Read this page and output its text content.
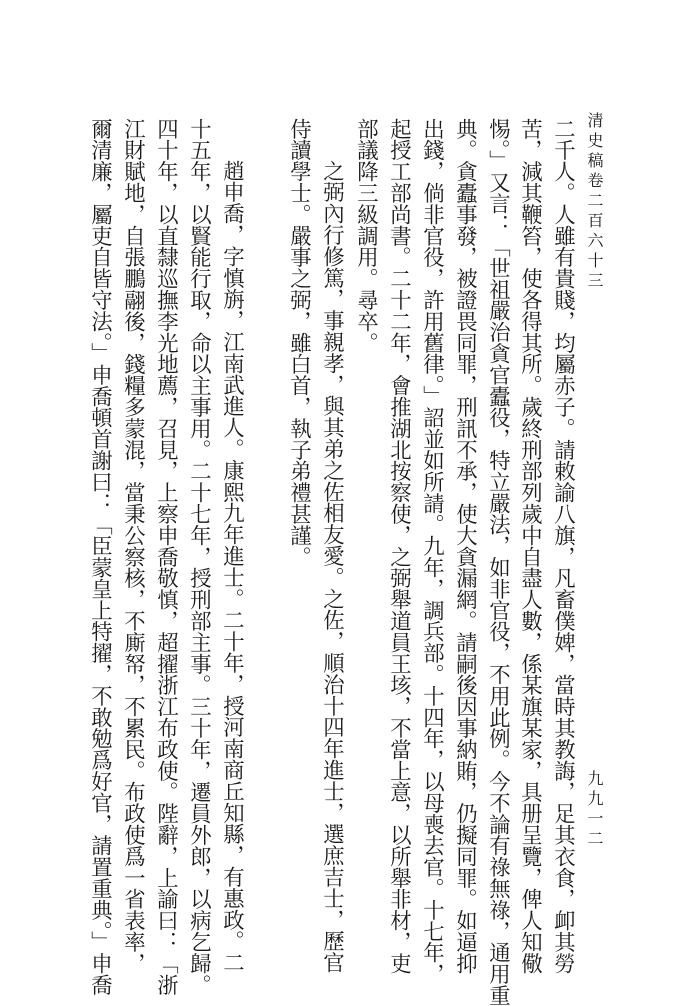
清史稿卷二百六十三
九九一二
二千人。人雖有貴賤，均屬赤子。請敕諭八旗，凡畜僕婢，當時其教誨，足其衣食，卹其勞
苦，減其鞭笞，使各得其所。歲終刑部列歲中自盡人數，係某旗某家，具册呈覽，俾人知儆
惕。」又言：「世祖嚴治貪官蠹役，特立嚴法，如非官役，不用此例。今不論有祿無祿，通用重
典。貪蠹事發，被證畏同罪，刑訊不承，使大貪漏網。請嗣後因事納賄，仍擬同罪。如逼抑
出錢，倘非官役，許用舊律。」詔並如所請。九年，調兵部。十四年，以母喪去官。十七年，
起授工部尚書。二十二年，會推湖北按察使，之弼舉道員王垓，不當上意，以所舉非材，吏
部議降三級調用。尋卒。
之弼內行修篤，事親孝，與其弟之佐相友愛。之佐，順治十四年進士，選庶吉士，歷官
侍讀學士。嚴事之弼，雖白首，執子弟禮甚謹。
趙申喬，字慎旃，江南武進人。康熙九年進士。二十年，授河南商丘知縣，有惠政。二
十五年，以賢能行取，命以主事用。二十七年，授刑部主事。三十年，遷員外郎，以病乞歸。
四十年，以直隸巡撫李光地薦，召見，上察申喬敬慎，超擢浙江布政使。陛辭，上諭曰：「浙
江財賦地，自張鵬翮後，錢糧多蒙混，當秉公察核，不廝帑，不累民。布政使爲一省表率，
爾清廉，屬吏自皆守法。」申喬頓首謝曰：「臣蒙皇上特擢，不敢勉爲好官，請置重典。」申喬
